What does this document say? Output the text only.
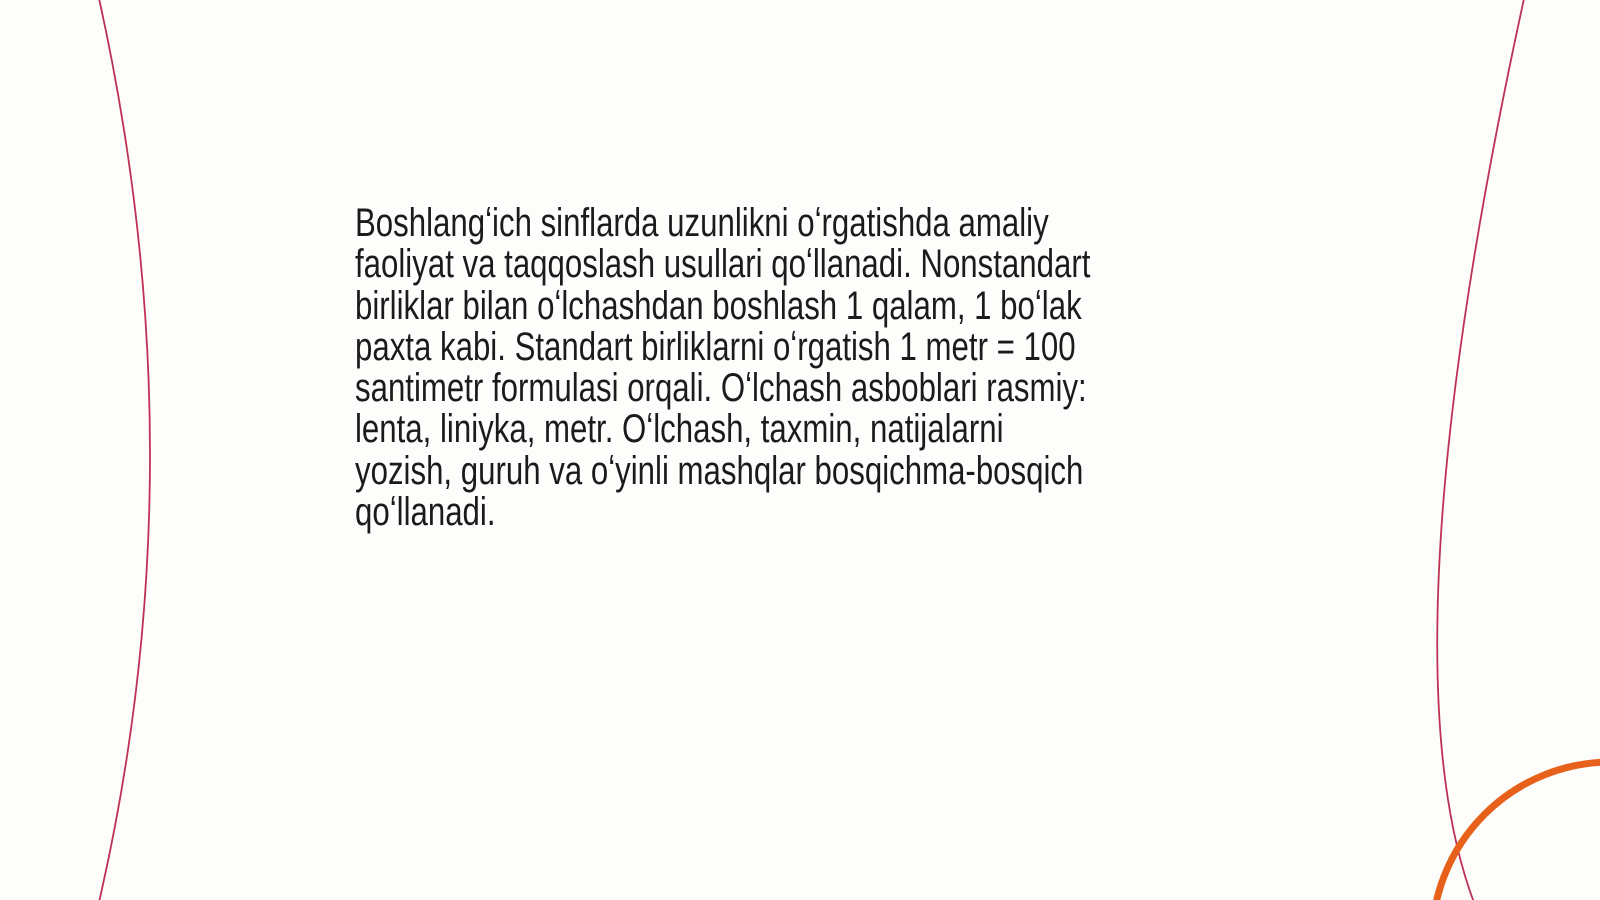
Boshlangʻich sinflarda uzunlikni oʻrgatishda amaliy
faoliyat va taqqoslash usullari qoʻllanadi. Nonstandart
birliklar bilan oʻlchashdan boshlash 1 qalam, 1 boʻlak
paxta kabi. Standart birliklarni oʻrgatish 1 metr = 100
santimetr formulasi orqali. Oʻlchash asboblari rasmiy:
lenta, liniyka, metr. Oʻlchash, taxmin, natijalarni
yozish, guruh va oʻyinli mashqlar bosqichma-bosqich
qoʻllanadi.
